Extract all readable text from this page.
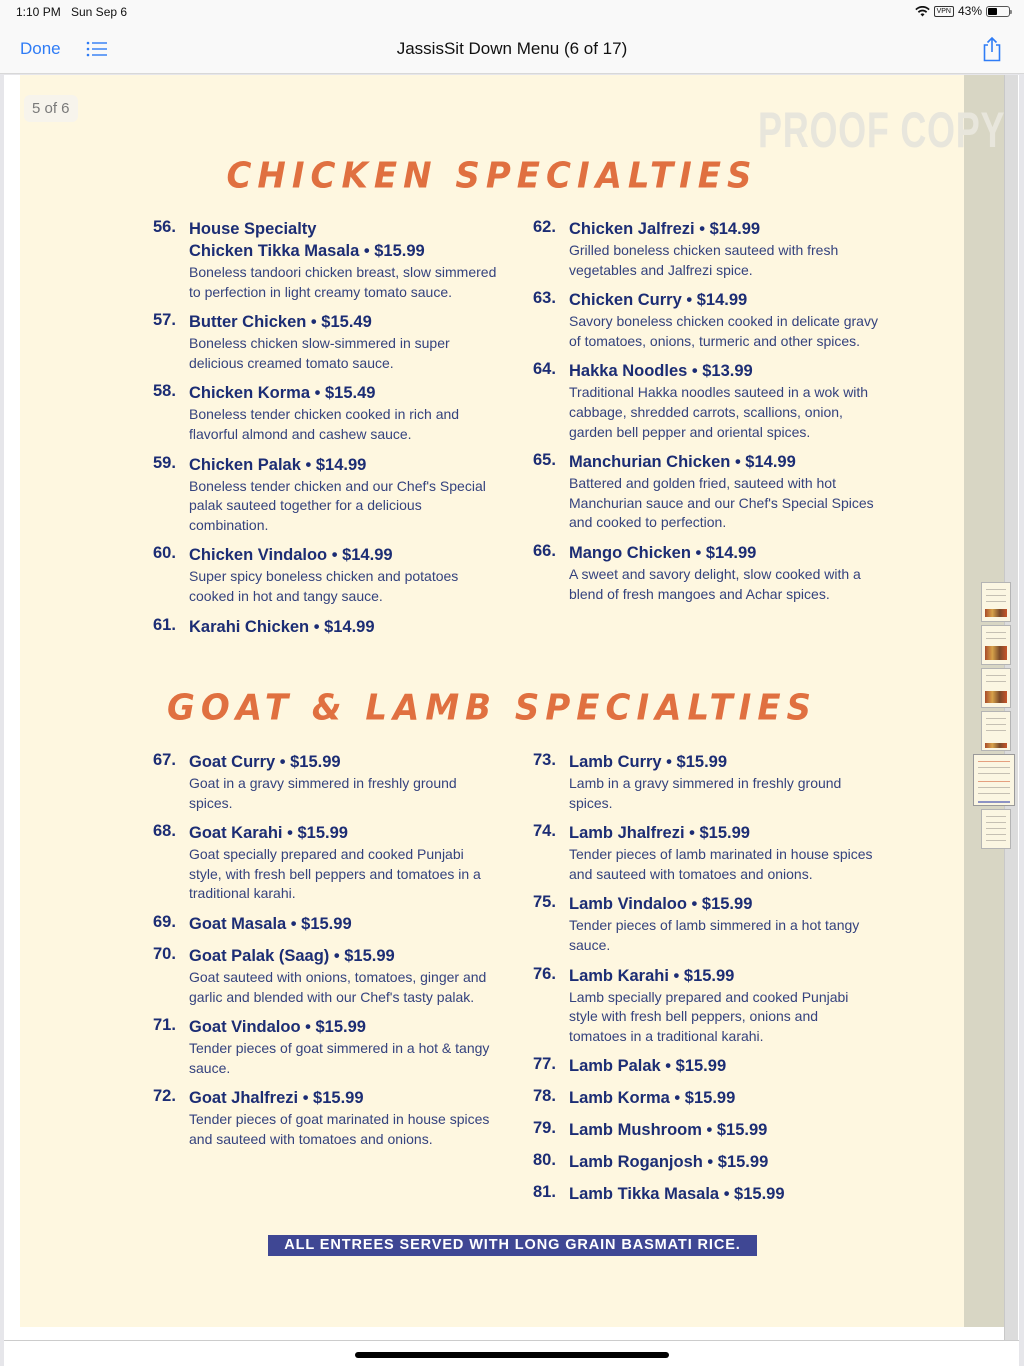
1:10 PM Sun Sep 6	VPN 43%
Done	JassisSit Down Menu (6 of 17)
5 of 6	PROOF COPY
CHICKEN SPECIALTIES
56. House Specialty
Chicken Tikka Masala • $15.99
Boneless tandoori chicken breast, slow simmered to perfection in light creamy tomato sauce.
57. Butter Chicken • $15.49
Boneless chicken slow-simmered in super delicious creamed tomato sauce.
58. Chicken Korma • $15.49
Boneless tender chicken cooked in rich and flavorful almond and cashew sauce.
59. Chicken Palak • $14.99
Boneless tender chicken and our Chef's Special palak sauteed together for a delicious combination.
60. Chicken Vindaloo • $14.99
Super spicy boneless chicken and potatoes cooked in hot and tangy sauce.
61. Karahi Chicken • $14.99
62. Chicken Jalfrezi • $14.99
Grilled boneless chicken sauteed with fresh vegetables and Jalfrezi spice.
63. Chicken Curry • $14.99
Savory boneless chicken cooked in delicate gravy of tomatoes, onions, turmeric and other spices.
64. Hakka Noodles • $13.99
Traditional Hakka noodles sauteed in a wok with cabbage, shredded carrots, scallions, onion, garden bell pepper and oriental spices.
65. Manchurian Chicken • $14.99
Battered and golden fried, sauteed with hot Manchurian sauce and our Chef's Special Spices and cooked to perfection.
66. Mango Chicken • $14.99
A sweet and savory delight, slow cooked with a blend of fresh mangoes and Achar spices.
GOAT & LAMB SPECIALTIES
67. Goat Curry • $15.99
Goat in a gravy simmered in freshly ground spices.
68. Goat Karahi • $15.99
Goat specially prepared and cooked Punjabi style, with fresh bell peppers and tomatoes in a traditional karahi.
69. Goat Masala • $15.99
70. Goat Palak (Saag) • $15.99
Goat sauteed with onions, tomatoes, ginger and garlic and blended with our Chef's tasty palak.
71. Goat Vindaloo • $15.99
Tender pieces of goat simmered in a hot & tangy sauce.
72. Goat Jhalfrezi • $15.99
Tender pieces of goat marinated in house spices and sauteed with tomatoes and onions.
73. Lamb Curry • $15.99
Lamb in a gravy simmered in freshly ground spices.
74. Lamb Jhalfrezi • $15.99
Tender pieces of lamb marinated in house spices and sauteed with tomatoes and onions.
75. Lamb Vindaloo • $15.99
Tender pieces of lamb simmered in a hot tangy sauce.
76. Lamb Karahi • $15.99
Lamb specially prepared and cooked Punjabi style with fresh bell peppers, onions and tomatoes in a traditional karahi.
77. Lamb Palak • $15.99
78. Lamb Korma • $15.99
79. Lamb Mushroom • $15.99
80. Lamb Roganjosh • $15.99
81. Lamb Tikka Masala • $15.99
ALL ENTREES SERVED WITH LONG GRAIN BASMATI RICE.
